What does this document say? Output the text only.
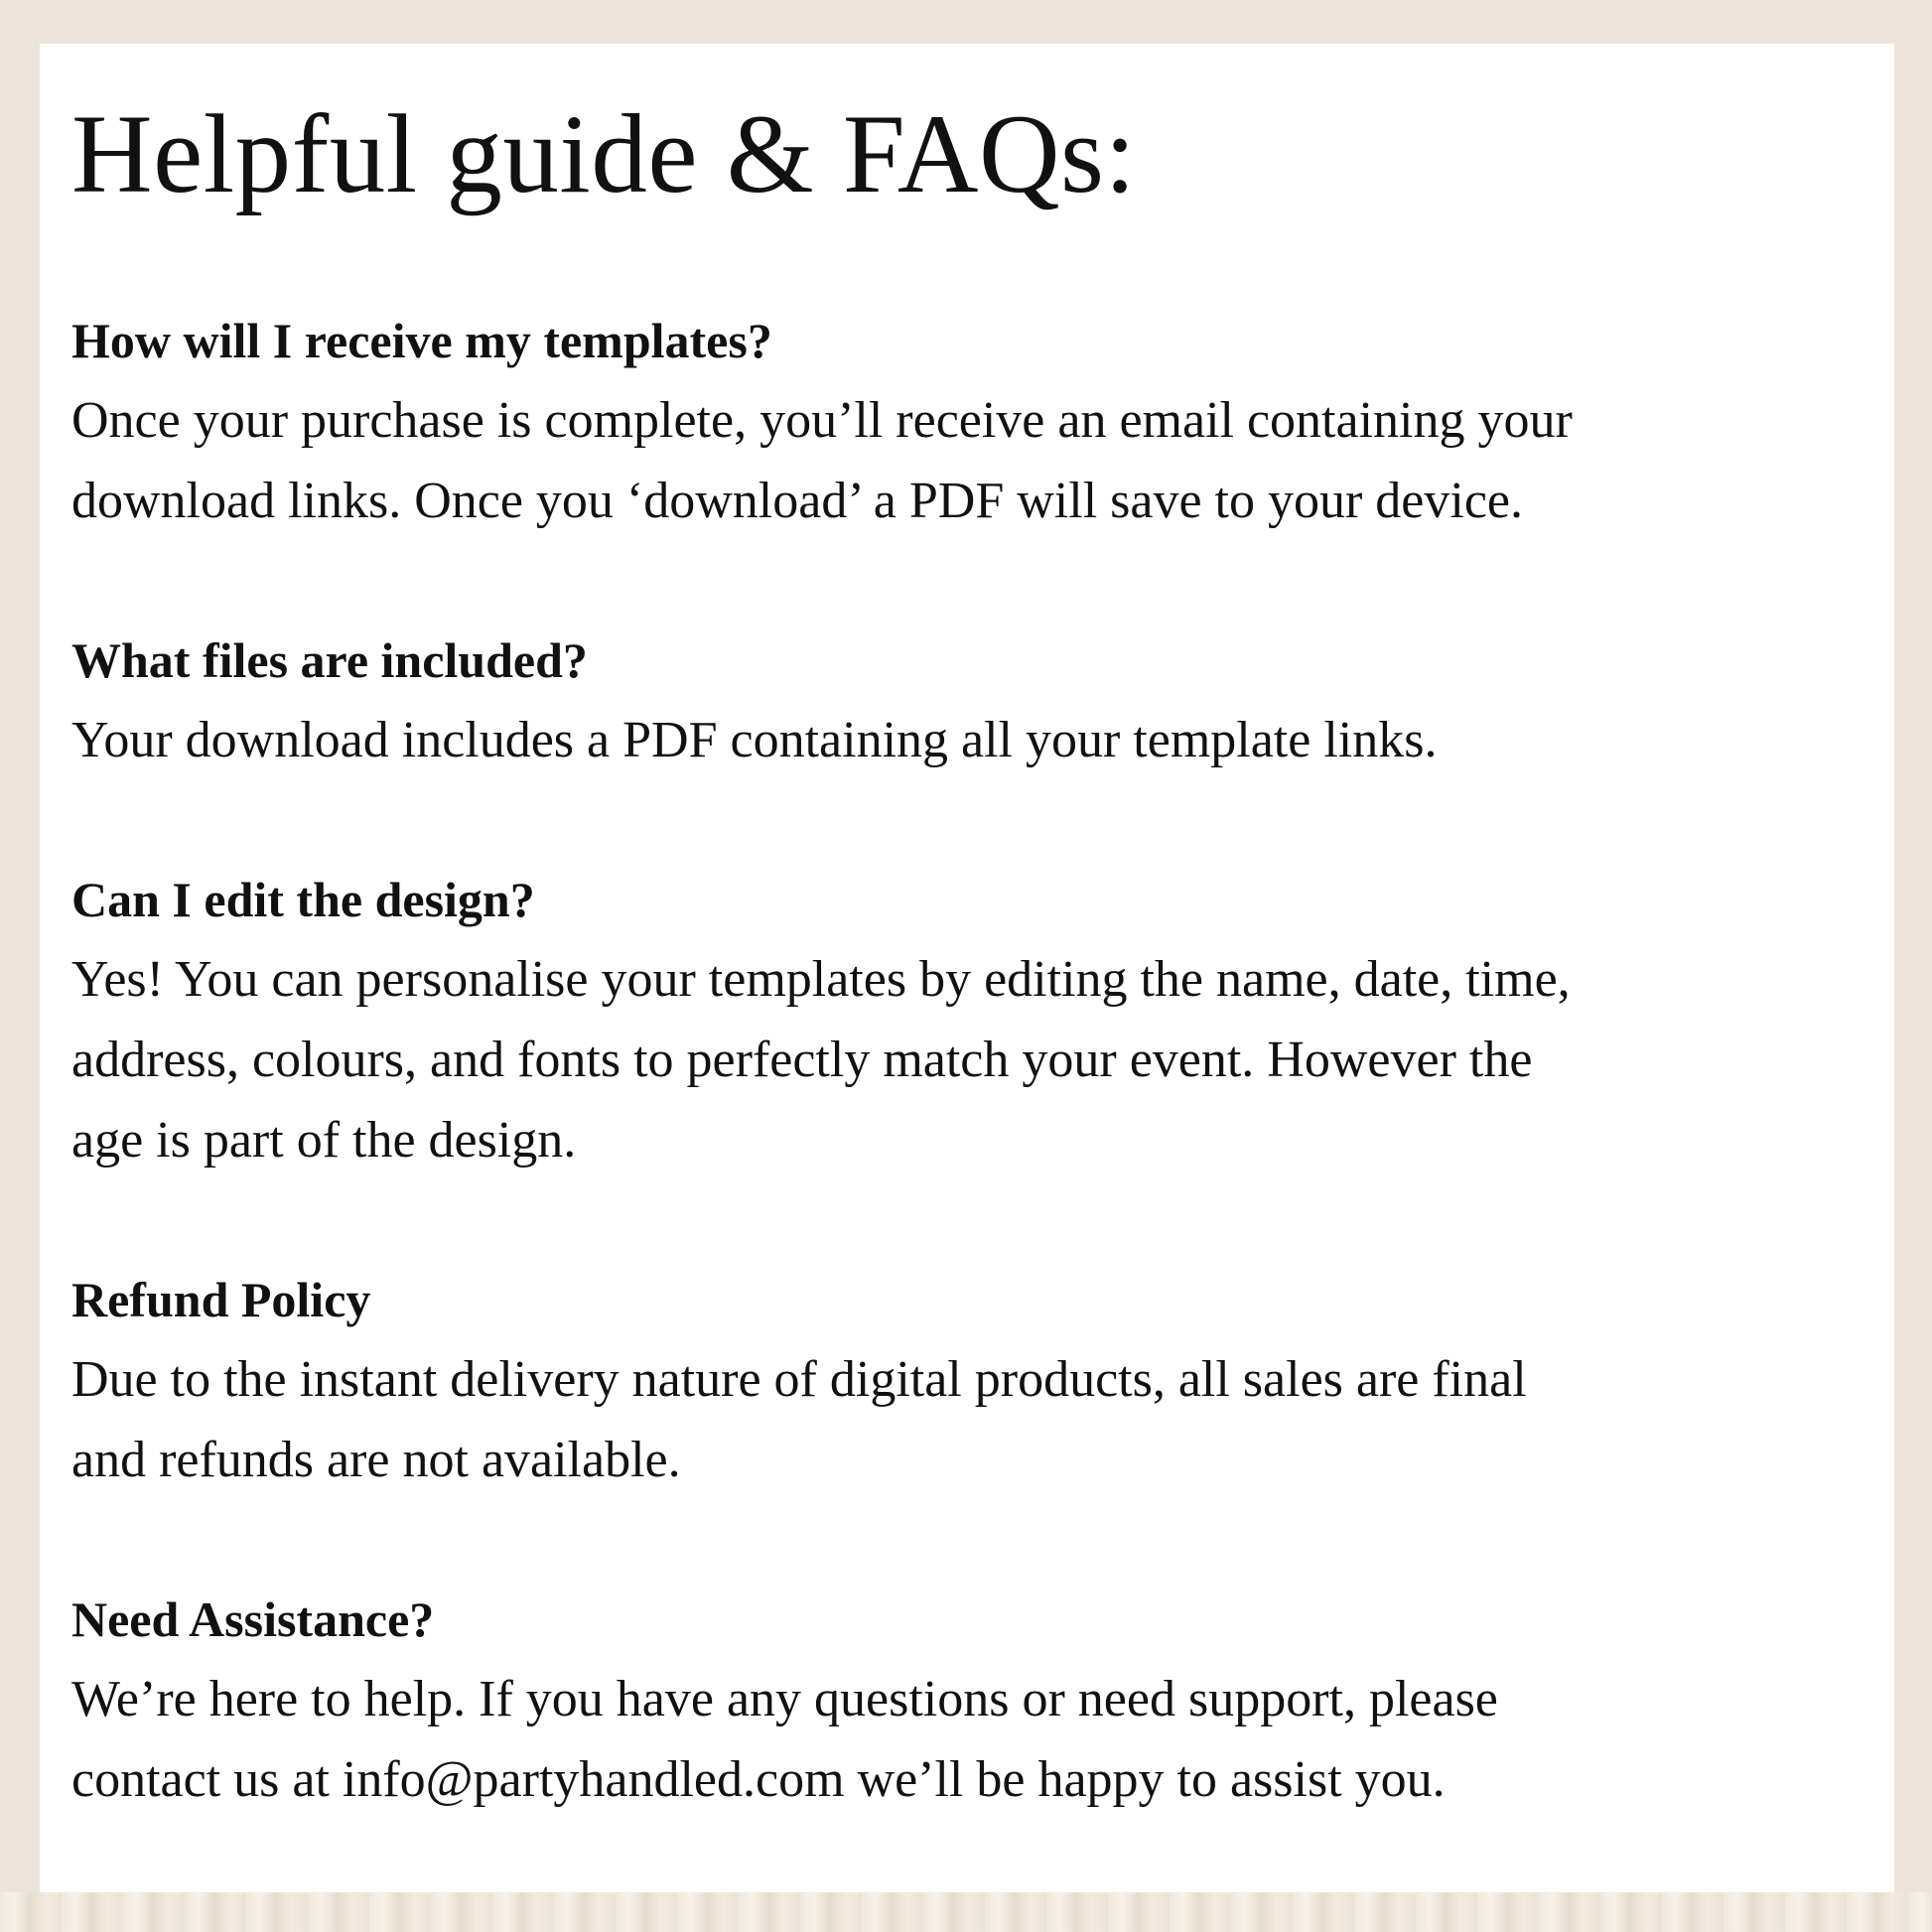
Helpful guide & FAQs:

How will I receive my templates?

Once your purchase is complete, you’ll receive an email containing your
download links. Once you ‘download’ a PDF will save to your device.

What files are included?

Your download includes a PDF containing all your template links.

Can I edit the design?

Yes! You can personalise your templates by editing the name, date, time,
address, colours, and fonts to perfectly match your event. However the
age is part of the design.

Refund Policy

Due to the instant delivery nature of digital products, all sales are final
and refunds are not available.

Need Assistance?

We’re here to help. If you have any questions or need support, please
contact us at info@partyhandled.com we’ll be happy to assist you.
